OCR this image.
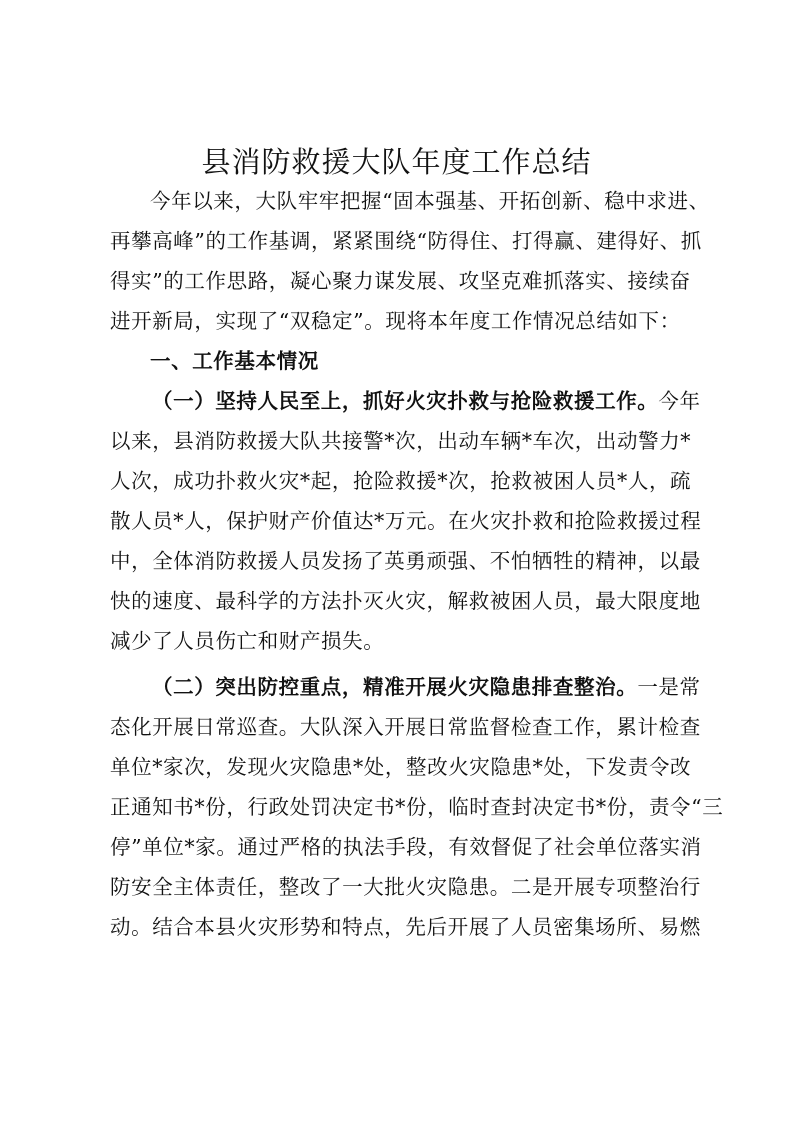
县消防救援大队年度工作总结
今年以来，大队牢牢把握“固本强基、开拓创新、稳中求进、
再攀高峰”的工作基调，紧紧围绕“防得住、打得赢、建得好、抓
得实”的工作思路，凝心聚力谋发展、攻坚克难抓落实、接续奋
进开新局，实现了“双稳定”。现将本年度工作情况总结如下：
一、工作基本情况
（一）坚持人民至上，抓好火灾扑救与抢险救援工作。今年
以来，县消防救援大队共接警*次，出动车辆*车次，出动警力*
人次，成功扑救火灾*起，抢险救援*次，抢救被困人员*人，疏
散人员*人，保护财产价值达*万元。在火灾扑救和抢险救援过程
中，全体消防救援人员发扬了英勇顽强、不怕牺牲的精神，以最
快的速度、最科学的方法扑灭火灾，解救被困人员，最大限度地
减少了人员伤亡和财产损失。
（二）突出防控重点，精准开展火灾隐患排查整治。一是常
态化开展日常巡查。大队深入开展日常监督检查工作，累计检查
单位*家次，发现火灾隐患*处，整改火灾隐患*处，下发责令改
正通知书*份，行政处罚决定书*份，临时查封决定书*份，责令“三
停”单位*家。通过严格的执法手段，有效督促了社会单位落实消
防安全主体责任，整改了一大批火灾隐患。二是开展专项整治行
动。结合本县火灾形势和特点，先后开展了人员密集场所、易燃
